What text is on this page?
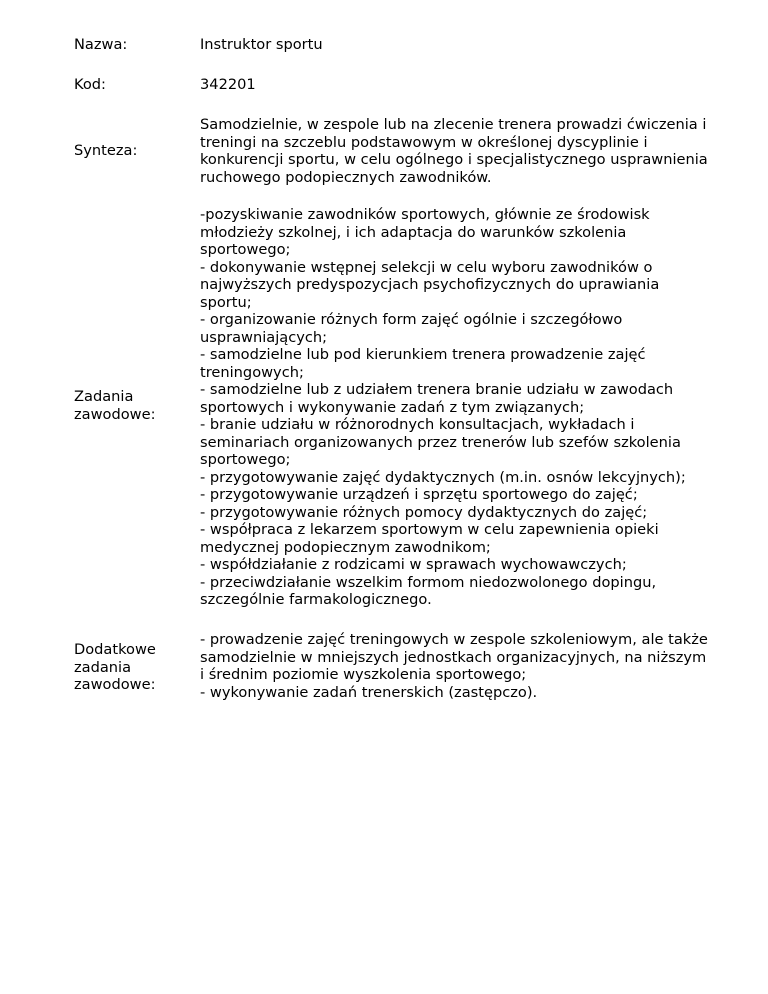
Nazwa:	Instruktor sportu
Kod:	342201
Synteza:
Samodzielnie, w zespole lub na zlecenie trenera prowadzi ćwiczenia i
treningi na szczeblu podstawowym w określonej dyscyplinie i
konkurencji sportu, w celu ogólnego i specjalistycznego usprawnienia
ruchowego podopiecznych zawodników.
Zadania
zawodowe:
-pozyskiwanie zawodników sportowych, głównie ze środowisk
młodzieży szkolnej, i ich adaptacja do warunków szkolenia
sportowego;
- dokonywanie wstępnej selekcji w celu wyboru zawodników o
najwyższych predyspozycjach psychofizycznych do uprawiania
sportu;
- organizowanie różnych form zajęć ogólnie i szczegółowo
usprawniających;
- samodzielne lub pod kierunkiem trenera prowadzenie zajęć
treningowych;
- samodzielne lub z udziałem trenera branie udziału w zawodach
sportowych i wykonywanie zadań z tym związanych;
- branie udziału w różnorodnych konsultacjach, wykładach i
seminariach organizowanych przez trenerów lub szefów szkolenia
sportowego;
- przygotowywanie zajęć dydaktycznych (m.in. osnów lekcyjnych);
- przygotowywanie urządzeń i sprzętu sportowego do zajęć;
- przygotowywanie różnych pomocy dydaktycznych do zajęć;
- współpraca z lekarzem sportowym w celu zapewnienia opieki
medycznej podopiecznym zawodnikom;
- współdziałanie z rodzicami w sprawach wychowawczych;
- przeciwdziałanie wszelkim formom niedozwolonego dopingu,
szczególnie farmakologicznego.
Dodatkowe
zadania
zawodowe:
- prowadzenie zajęć treningowych w zespole szkoleniowym, ale także
samodzielnie w mniejszych jednostkach organizacyjnych, na niższym
i średnim poziomie wyszkolenia sportowego;
- wykonywanie zadań trenerskich (zastępczo).
